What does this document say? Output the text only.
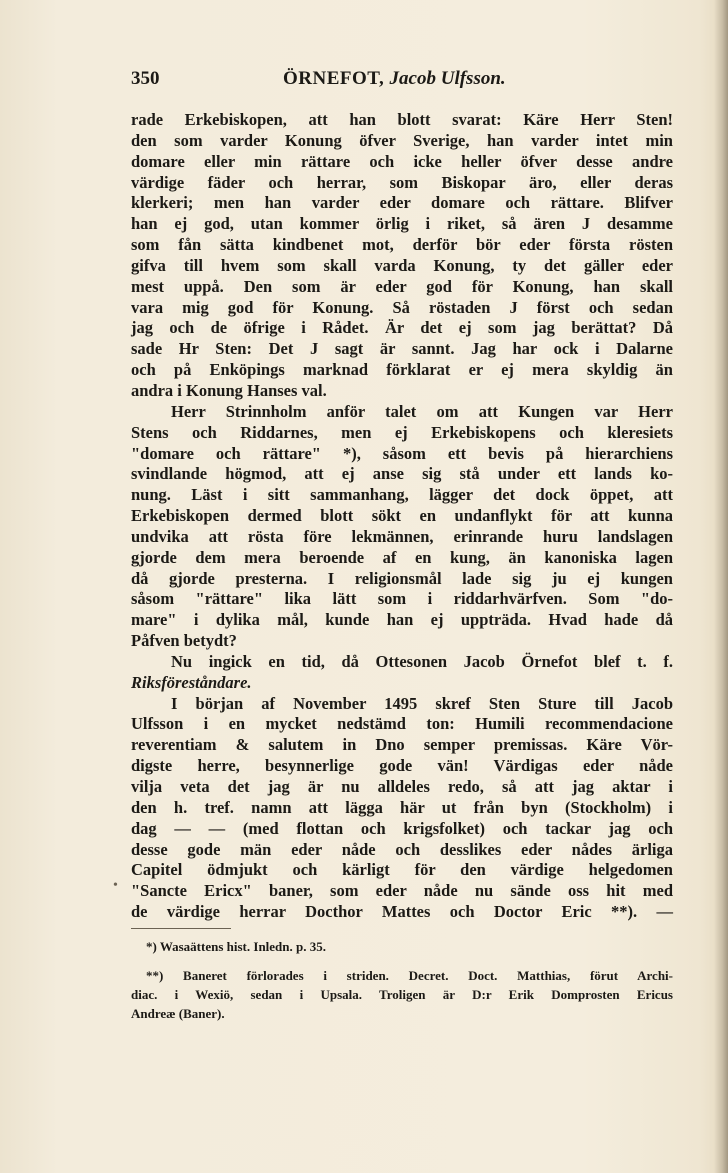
350	ÖRNEFOT, Jacob Ulfsson.
rade Erkebiskopen, att han blott svarat: Käre Herr Sten!
den som varder Konung öfver Sverige, han varder intet min
domare eller min rättare och icke heller öfver desse andre
värdige fäder och herrar, som Biskopar äro, eller deras
klerkeri; men han varder eder domare och rättare. Blifver
han ej god, utan kommer örlig i riket, så ären J desamme
som fån sätta kindbenet mot, derför bör eder första rösten
gifva till hvem som skall varda Konung, ty det gäller eder
mest uppå. Den som är eder god för Konung, han skall
vara mig god för Konung. Så röstaden J först och sedan
jag och de öfrige i Rådet. Är det ej som jag berättat? Då
sade Hr Sten: Det J sagt är sannt. Jag har ock i Dalarne
och på Enköpings marknad förklarat er ej mera skyldig än
andra i Konung Hanses val.
Herr Strinnholm anför talet om att Kungen var Herr
Stens och Riddarnes, men ej Erkebiskopens och kleresiets
"domare och rättare" *), såsom ett bevis på hierarchiens
svindlande högmod, att ej anse sig stå under ett lands ko-
nung. Läst i sitt sammanhang, lägger det dock öppet, att
Erkebiskopen dermed blott sökt en undanflykt för att kunna
undvika att rösta före lekmännen, erinrande huru landslagen
gjorde dem mera beroende af en kung, än kanoniska lagen
då gjorde presterna. I religionsmål lade sig ju ej kungen
såsom "rättare" lika lätt som i riddarhvärfven. Som "do-
mare" i dylika mål, kunde han ej uppträda. Hvad hade då
Påfven betydt?
Nu ingick en tid, då Ottesonen Jacob Örnefot blef t. f.
Riksföreståndare.
I början af November 1495 skref Sten Sture till Jacob
Ulfsson i en mycket nedstämd ton: Humili recommendacione
reverentiam & salutem in Dno semper premissas. Käre Vör-
digste herre, besynnerlige gode vän! Värdigas eder nåde
vilja veta det jag är nu alldeles redo, så att jag aktar i
den h. tref. namn att lägga här ut från byn (Stockholm) i
dag — — (med flottan och krigsfolket) och tackar jag och
desse gode män eder nåde och desslikes eder nådes ärliga
Capitel ödmjukt och kärligt för den värdige helgedomen
"Sancte Ericx" baner, som eder nåde nu sände oss hit med
de värdige herrar Docthor Mattes och Doctor Eric **). —
•
*) Wasaättens hist. Inledn. p. 35.
**) Baneret förlorades i striden. Decret. Doct. Matthias, förut Archi-
diac. i Wexiö, sedan i Upsala. Troligen är D:r Erik Domprosten Ericus
Andreæ (Baner).
